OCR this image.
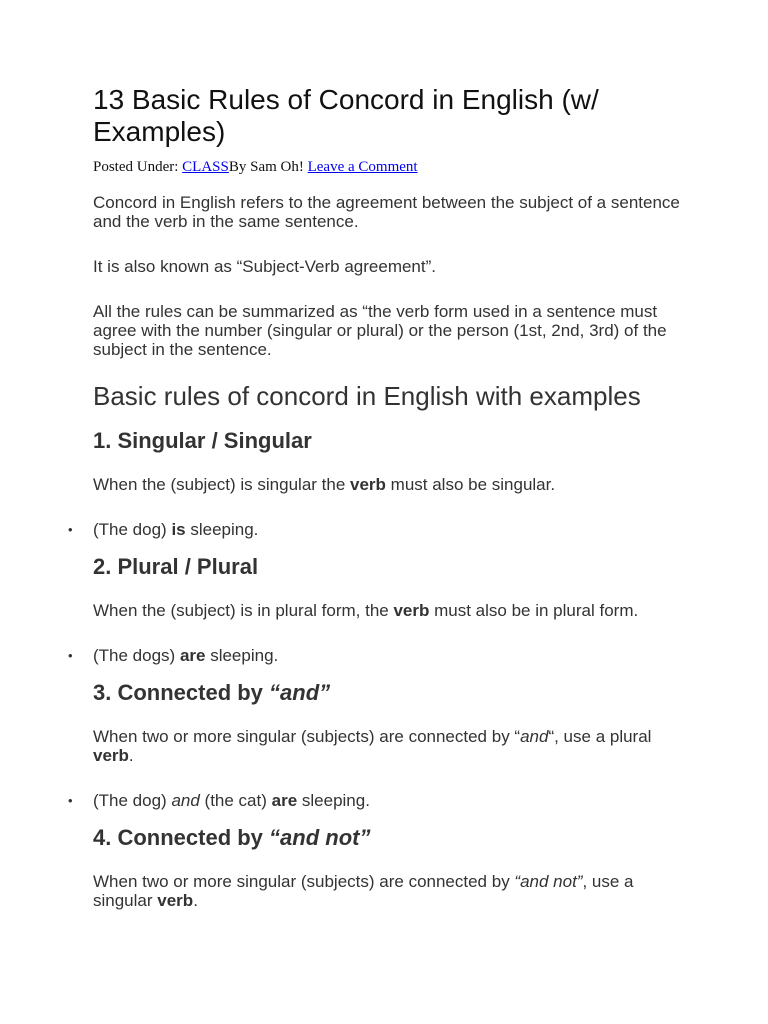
13 Basic Rules of Concord in English (w/ Examples)
Posted Under: CLASSBy Sam Oh! Leave a Comment

Concord in English refers to the agreement between the subject of a sentence and the verb in the same sentence.

It is also known as “Subject-Verb agreement”.

All the rules can be summarized as “the verb form used in a sentence must agree with the number (singular or plural) or the person (1st, 2nd, 3rd) of the subject in the sentence.

Basic rules of concord in English with examples
1. Singular / Singular

When the (subject) is singular the verb must also be singular.

• (The dog) is sleeping.
2. Plural / Plural

When the (subject) is in plural form, the verb must also be in plural form.

• (The dogs) are sleeping.
3. Connected by “and”

When two or more singular (subjects) are connected by “and“, use a plural verb.

• (The dog) and (the cat) are sleeping.
4. Connected by “and not”

When two or more singular (subjects) are connected by “and not”, use a singular verb.
